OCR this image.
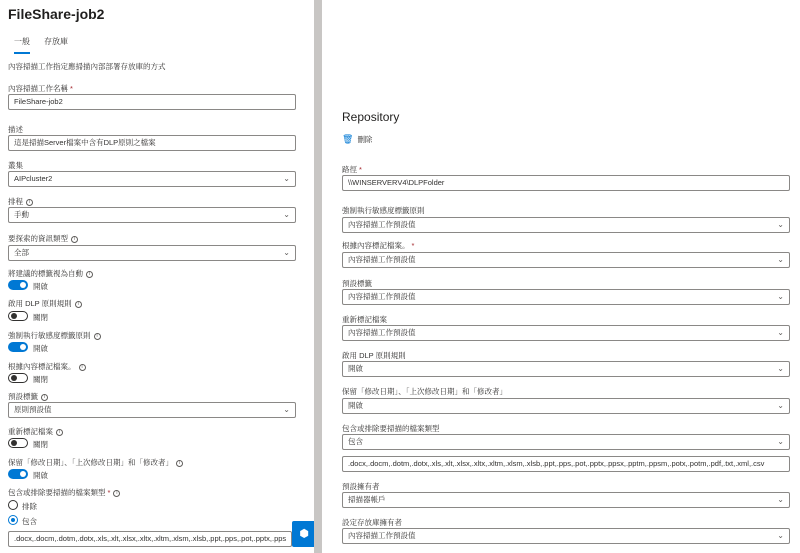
FileShare-job2
一般 存放庫
內容掃描工作指定應掃描內部部署存放庫的方式
內容掃描工作名稱 *
FileShare-job2
描述
這是掃描Server檔案中含有DLP原則之檔案
叢集
AIPcluster2	⌄
排程 i
手動	⌄
要探索的資訊類型 i
全部	⌄
將建議的標籤視為自動 i
開啟
啟用 DLP 原則規則 i
關閉
強制執行敏感度標籤原則 i
開啟
根據內容標記檔案。 i
關閉
預設標籤 i
原則預設值	⌄
重新標記檔案 i
關閉
保留「修改日期」、「上次修改日期」和「修改者」 i
開啟
包含或排除要掃描的檔案類型 * i
排除
包含
.docx,.docm,.dotm,.dotx,.xls,.xlt,.xlsx,.xltx,.xltm,.xlsm,.xlsb,.ppt,.pps,.pot,.pptx,.pps	⬢
Repository
🗑 刪除
路徑 *
\\WINSERVERV4\DLPFolder
強制執行敏感度標籤原則
內容掃描工作預設值	⌄
根據內容標記檔案。 *
內容掃描工作預設值	⌄
預設標籤
內容掃描工作預設值	⌄
重新標記檔案
內容掃描工作預設值	⌄
啟用 DLP 原則規則
開啟	⌄
保留「修改日期」、「上次修改日期」和「修改者」
開啟	⌄
包含或排除要掃描的檔案類型
包含	⌄
.docx,.docm,.dotm,.dotx,.xls,.xlt,.xlsx,.xltx,.xltm,.xlsm,.xlsb,.ppt,.pps,.pot,.pptx,.ppsx,.pptm,.ppsm,.potx,.potm,.pdf,.txt,.xml,.csv
預設擁有者
掃描器帳戶	⌄
設定存放庫擁有者
內容掃描工作預設值	⌄
